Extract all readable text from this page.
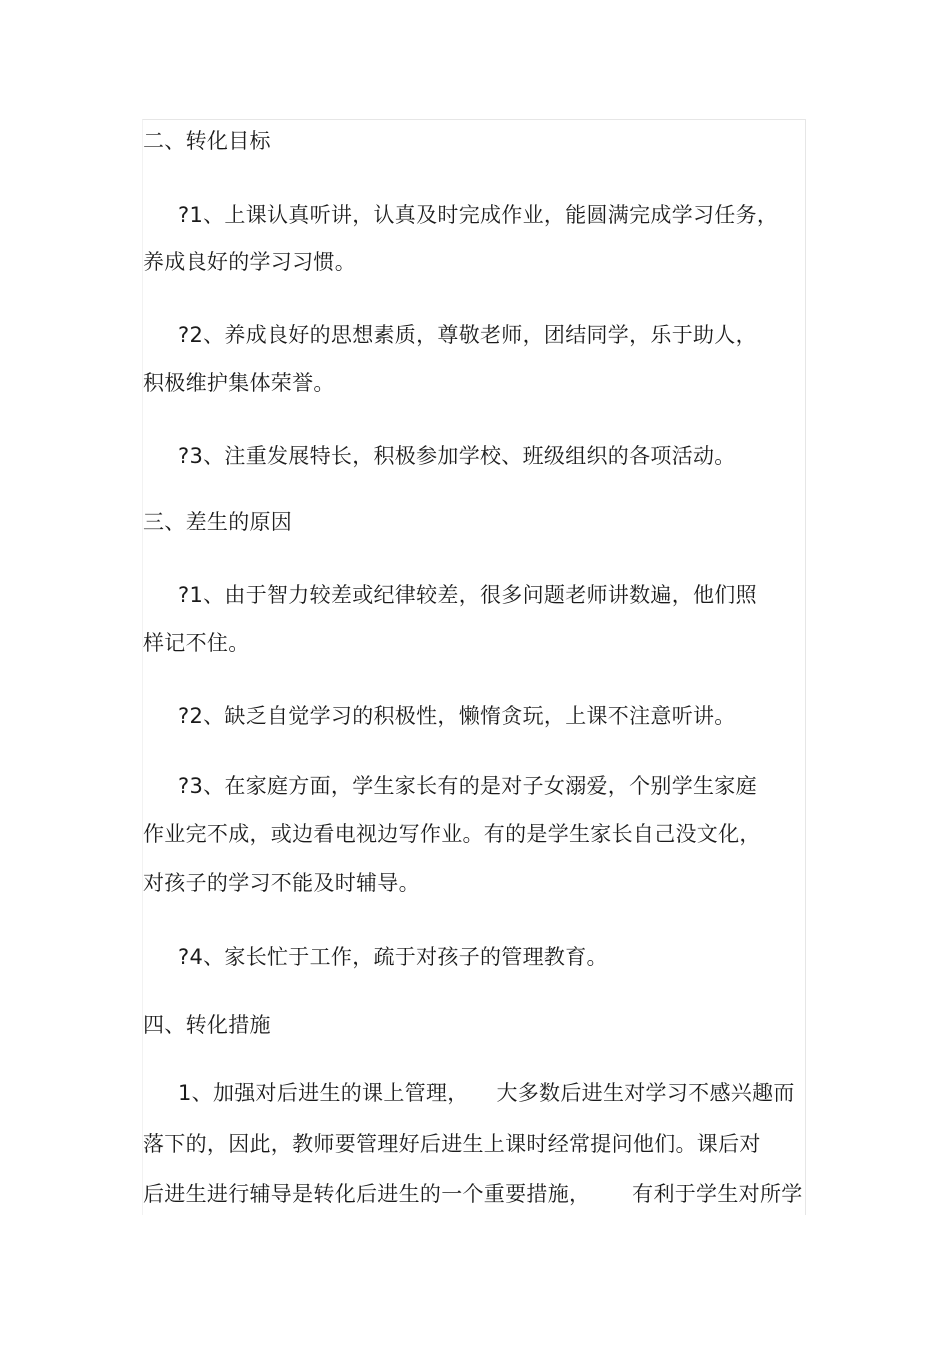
二、转化目标
?1、上课认真听讲，认真及时完成作业，能圆满完成学习任务，
养成良好的学习习惯。
?2、养成良好的思想素质，尊敬老师，团结同学，乐于助人，
积极维护集体荣誉。
?3、注重发展特长，积极参加学校、班级组织的各项活动。
三、差生的原因
?1、由于智力较差或纪律较差，很多问题老师讲数遍，他们照
样记不住。
?2、缺乏自觉学习的积极性，懒惰贪玩，上课不注意听讲。
?3、在家庭方面，学生家长有的是对子女溺爱，个别学生家庭
作业完不成，或边看电视边写作业。有的是学生家长自己没文化，
对孩子的学习不能及时辅导。
?4、家长忙于工作，疏于对孩子的管理教育。
四、转化措施
1、加强对后进生的课上管理，    大多数后进生对学习不感兴趣而
落下的，因此，教师要管理好后进生上课时经常提问他们。课后对
后进生进行辅导是转化后进生的一个重要措施，      有利于学生对所学
